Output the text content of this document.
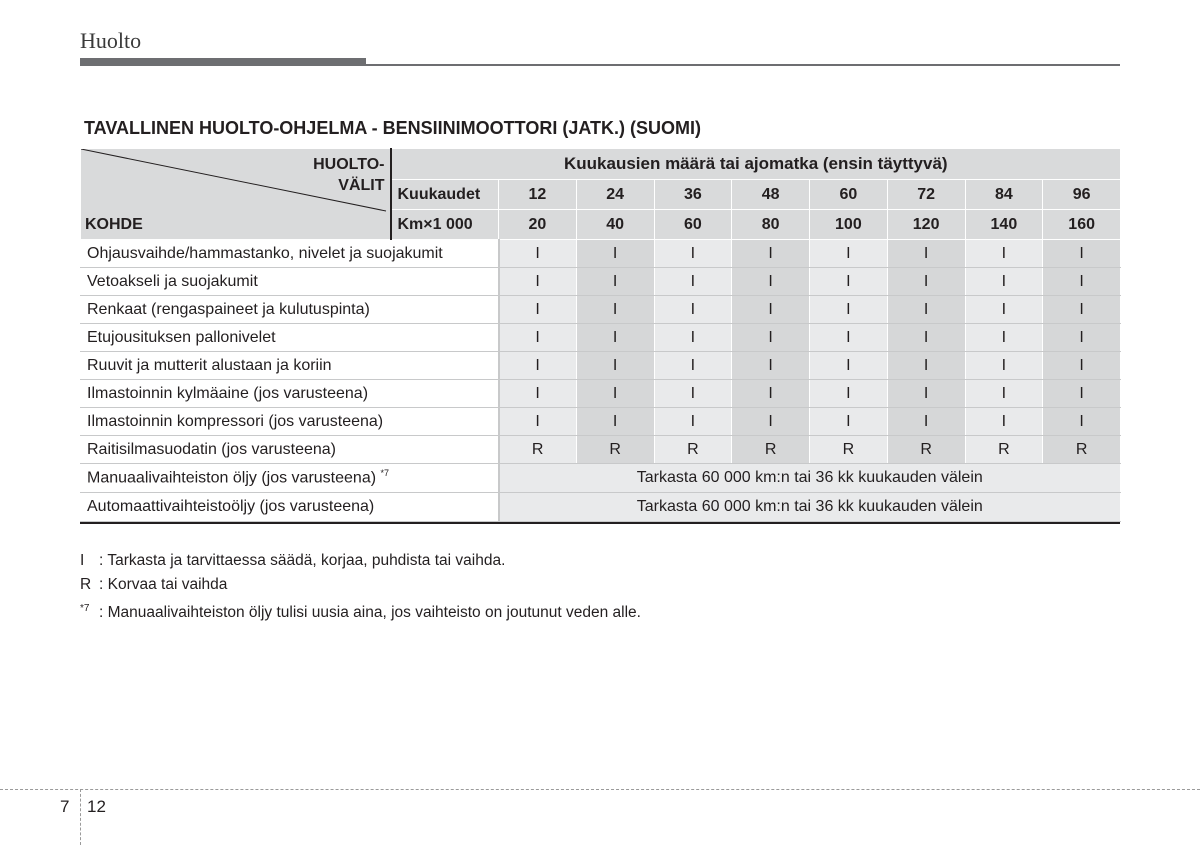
Huolto
TAVALLINEN HUOLTO-OHJELMA - BENSIINIMOOTTORI (JATK.) (SUOMI)
HUOLTO-
VÄLIT
KOHDE	Kuukausien määrä tai ajomatka (ensin täyttyvä)								
	Kuukaudet	12	24	36	48	60	72	84	96
	Km×1 000	20	40	60	80	100	120	140	160
Ohjausvaihde/hammastanko, nivelet ja suojakumit		I	I	I	I	I	I	I	I
Vetoakseli ja suojakumit		I	I	I	I	I	I	I	I
Renkaat (rengaspaineet ja kulutuspinta)		I	I	I	I	I	I	I	I
Etujousituksen pallonivelet		I	I	I	I	I	I	I	I
Ruuvit ja mutterit alustaan ja koriin		I	I	I	I	I	I	I	I
Ilmastoinnin kylmäaine (jos varusteena)		I	I	I	I	I	I	I	I
Ilmastoinnin kompressori (jos varusteena)		I	I	I	I	I	I	I	I
Raitisilmasuodatin (jos varusteena)		R	R	R	R	R	R	R	R
Manuaalivaihteiston öljy (jos varusteena) $^{*7}$		Tarkasta 60 000 km:n tai 36 kk kuukauden välein							
Automaattivaihteistoöljy (jos varusteena)		Tarkasta 60 000 km:n tai 36 kk kuukauden välein							
I : Tarkasta ja tarvittaessa säädä, korjaa, puhdista tai vaihda.
R : Korvaa tai vaihda
*7 : Manuaalivaihteiston öljy tulisi uusia aina, jos vaihteisto on joutunut veden alle.
7 12
